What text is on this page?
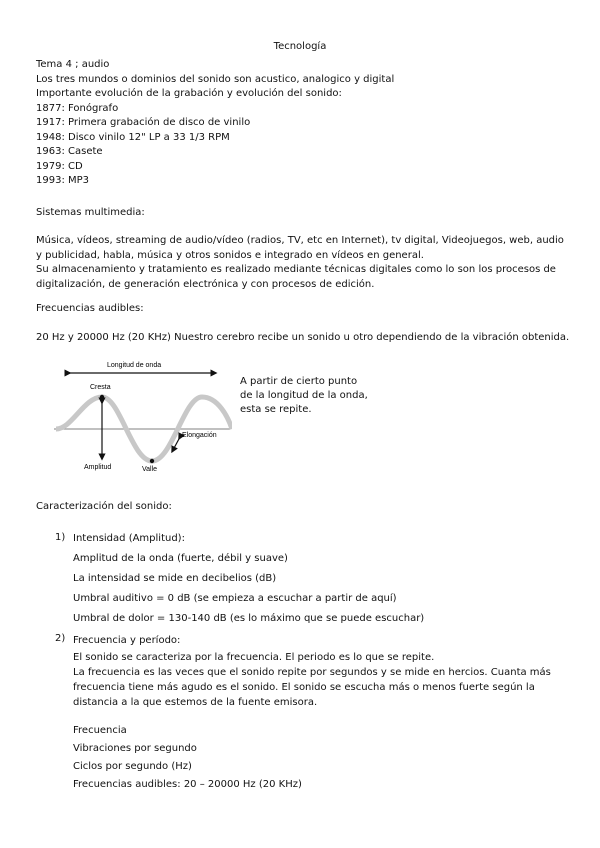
Tecnología
Tema 4 ; audio
Los tres mundos o dominios del sonido son acustico, analogico y digital
Importante evolución de la grabación y evolución del sonido:
1877: Fonógrafo
1917: Primera grabación de disco de vinilo
1948: Disco vinilo 12" LP a 33 1/3 RPM
1963: Casete
1979: CD
1993: MP3
Sistemas multimedia:
Música, vídeos, streaming de audio/vídeo (radios, TV, etc en Internet), tv digital, Videojuegos, web, audio y publicidad, habla, música y otros sonidos e integrado en vídeos en general.
Su almacenamiento y tratamiento es realizado mediante técnicas digitales como lo son los procesos de digitalización, de generación electrónica y con procesos de edición.
Frecuencias audibles:
20 Hz y 20000 Hz (20 KHz) Nuestro cerebro recibe un sonido u otro dependiendo de la vibración obtenida.
Longitud de onda
Cresta
Amplitud	Valle
Elongación
A partir de cierto punto de la longitud de la onda, esta se repite.
Caracterización del sonido:
1) Intensidad (Amplitud):
Amplitud de la onda (fuerte, débil y suave)
La intensidad se mide en decibelios (dB)
Umbral auditivo = 0 dB (se empieza a escuchar a partir de aquí)
Umbral de dolor = 130-140 dB (es lo máximo que se puede escuchar)
2) Frecuencia y período:
El sonido se caracteriza por la frecuencia. El periodo es lo que se repite.
La frecuencia es las veces que el sonido repite por segundos y se mide en hercios. Cuanta más frecuencia tiene más agudo es el sonido. El sonido se escucha más o menos fuerte según la distancia a la que estemos de la fuente emisora.
Frecuencia
Vibraciones por segundo
Ciclos por segundo (Hz)
Frecuencias audibles: 20 – 20000 Hz (20 KHz)
